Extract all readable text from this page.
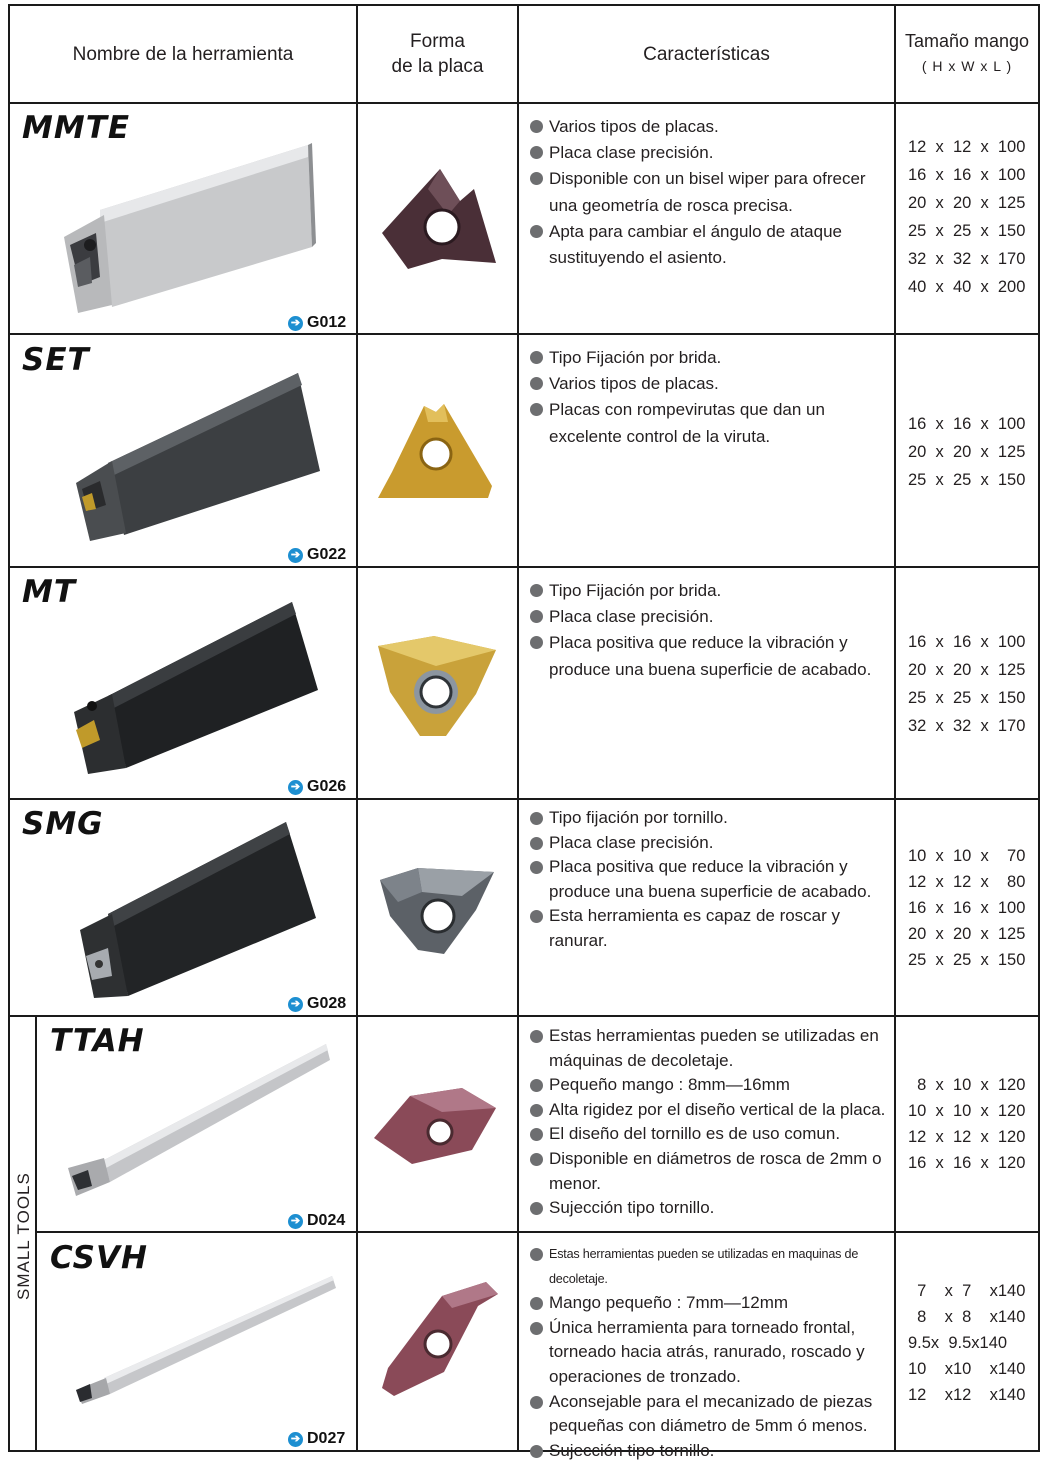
Nombre de la herramienta
Forma
de la placa
Características
Tamaño mango
( H x W x L )
SMALL TOOLS
MMTE
➔ G012
Varios tipos de placas.
Placa clase precisión.
Disponible con un bisel wiper para ofrecer una geometría de rosca precisa.
Apta para cambiar el ángulo de ataque sustituyendo el asiento.
12  x  12  x  100
16  x  16  x  100
20  x  20  x  125
25  x  25  x  150
32  x  32  x  170
40  x  40  x  200
SET
➔ G022
Tipo Fijación por brida.
Varios tipos de placas.
Placas con rompevirutas que dan un excelente control de la viruta.
16  x  16  x  100
20  x  20  x  125
25  x  25  x  150
MT
➔ G026
Tipo Fijación por brida.
Placa clase precisión.
Placa positiva que reduce la vibración y produce una buena superficie de acabado.
16  x  16  x  100
20  x  20  x  125
25  x  25  x  150
32  x  32  x  170
SMG
➔ G028
Tipo fijación por tornillo.
Placa clase precisión.
Placa positiva que reduce la vibración y produce una buena superficie de acabado.
Esta herramienta es capaz de roscar y ranurar.
10  x  10  x    70
12  x  12  x    80
16  x  16  x  100
20  x  20  x  125
25  x  25  x  150
TTAH
➔ D024
Estas herramientas pueden se utilizadas en máquinas de decoletaje.
Pequeño mango : 8mm—16mm
Alta rigidez por el diseño vertical de la placa.
El diseño del tornillo es de uso comun.
Disponible en diámetros de rosca de 2mm o menor.
Sujección tipo tornillo.
8  x  10  x  120
10  x  10  x  120
12  x  12  x  120
16  x  16  x  120
CSVH
➔ D027
Estas herramientas pueden se utilizadas en maquinas de decoletaje.
Mango pequeño : 7mm—12mm
Única herramienta para torneado frontal, torneado hacia atrás, ranurado, roscado y operaciones de tronzado.
Aconsejable para el mecanizado de piezas pequeñas con diámetro de 5mm ó menos.
Sujección tipo tornillo.
7    x  7    x140
8    x  8    x140
9.5x  9.5x140
10    x10    x140
12    x12    x140
